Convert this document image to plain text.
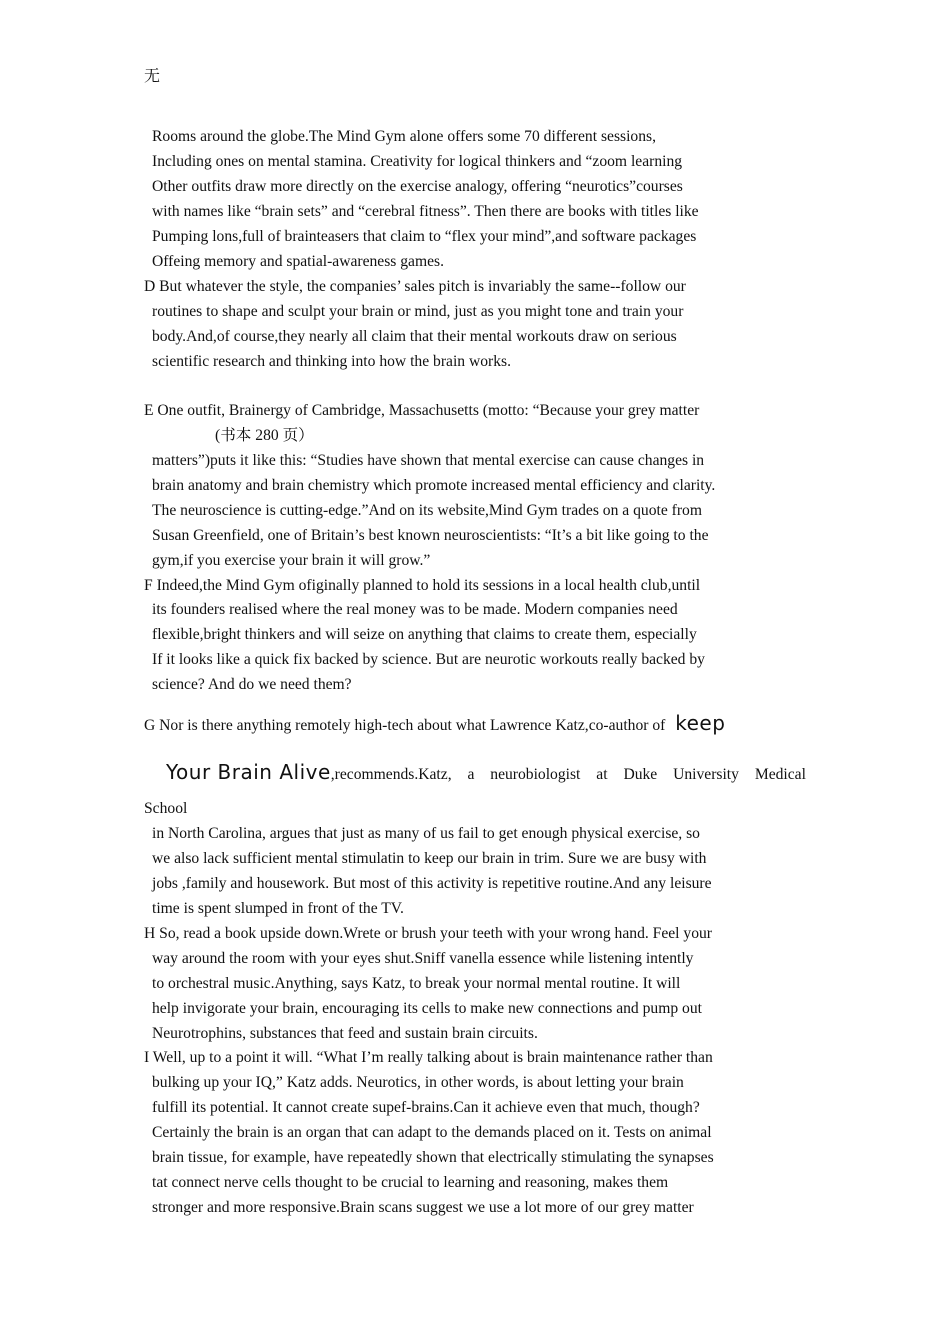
无
Rooms around the globe.The Mind Gym alone offers some 70 different sessions,
Including ones on mental stamina. Creativity for logical thinkers and “zoom learning
Other outfits draw more directly on the exercise analogy, offering “neurotics”courses
with names like “brain sets” and “cerebral fitness”. Then there are books with titles like
Pumping lons,full of brainteasers that claim to “flex your mind”,and software packages
Offeing memory and spatial-awareness games.
D But whatever the style, the companies’ sales pitch is invariably the same--follow our
routines to shape and sculpt your brain or mind, just as you might tone and train your
body.And,of course,they nearly all claim that their mental workouts draw on serious
scientific research and thinking into how the brain works.
E One outfit, Brainergy of Cambridge, Massachusetts (motto: “Because your grey matter
(书本 280 页）
matters”)puts it like this: “Studies have shown that mental exercise can cause changes in
brain anatomy and brain chemistry which promote increased mental efficiency and clarity.
The neuroscience is cutting-edge.”And on its website,Mind Gym trades on a quote from
Susan Greenfield, one of Britain’s best known neuroscientists: “It’s a bit like going to the
gym,if you exercise your brain it will grow.”
F Indeed,the Mind Gym ofiginally planned to hold its sessions in a local health club,until
its founders realised where the real money was to be made. Modern companies need
flexible,bright thinkers and will seize on anything that claims to create them, especially
If it looks like a quick fix backed by science. But are neurotic workouts really backed by
science? And do we need them?
G Nor is there anything remotely high-tech about what Lawrence Katz,co-author of keep
Your Brain Alive,recommends.Katz, a neurobiologist at Duke University Medical
School
in North Carolina, argues that just as many of us fail to get enough physical exercise, so
we also lack sufficient mental stimulatin to keep our brain in trim. Sure we are busy with
jobs ,family and housework. But most of this activity is repetitive routine.And any leisure
time is spent slumped in front of the TV.
H So, read a book upside down.Wrete or brush your teeth with your wrong hand. Feel your
way around the room with your eyes shut.Sniff vanella essence while listening intently
to orchestral music.Anything, says Katz, to break your normal mental routine. It will
help invigorate your brain, encouraging its cells to make new connections and pump out
Neurotrophins, substances that feed and sustain brain circuits.
I Well, up to a point it will. “What I’m really talking about is brain maintenance rather than
bulking up your IQ,” Katz adds. Neurotics, in other words, is about letting your brain
fulfill its potential. It cannot create supef-brains.Can it achieve even that much, though?
Certainly the brain is an organ that can adapt to the demands placed on it. Tests on animal
brain tissue, for example, have repeatedly shown that electrically stimulating the synapses
tat connect nerve cells thought to be crucial to learning and reasoning, makes them
stronger and more responsive.Brain scans suggest we use a lot more of our grey matter
